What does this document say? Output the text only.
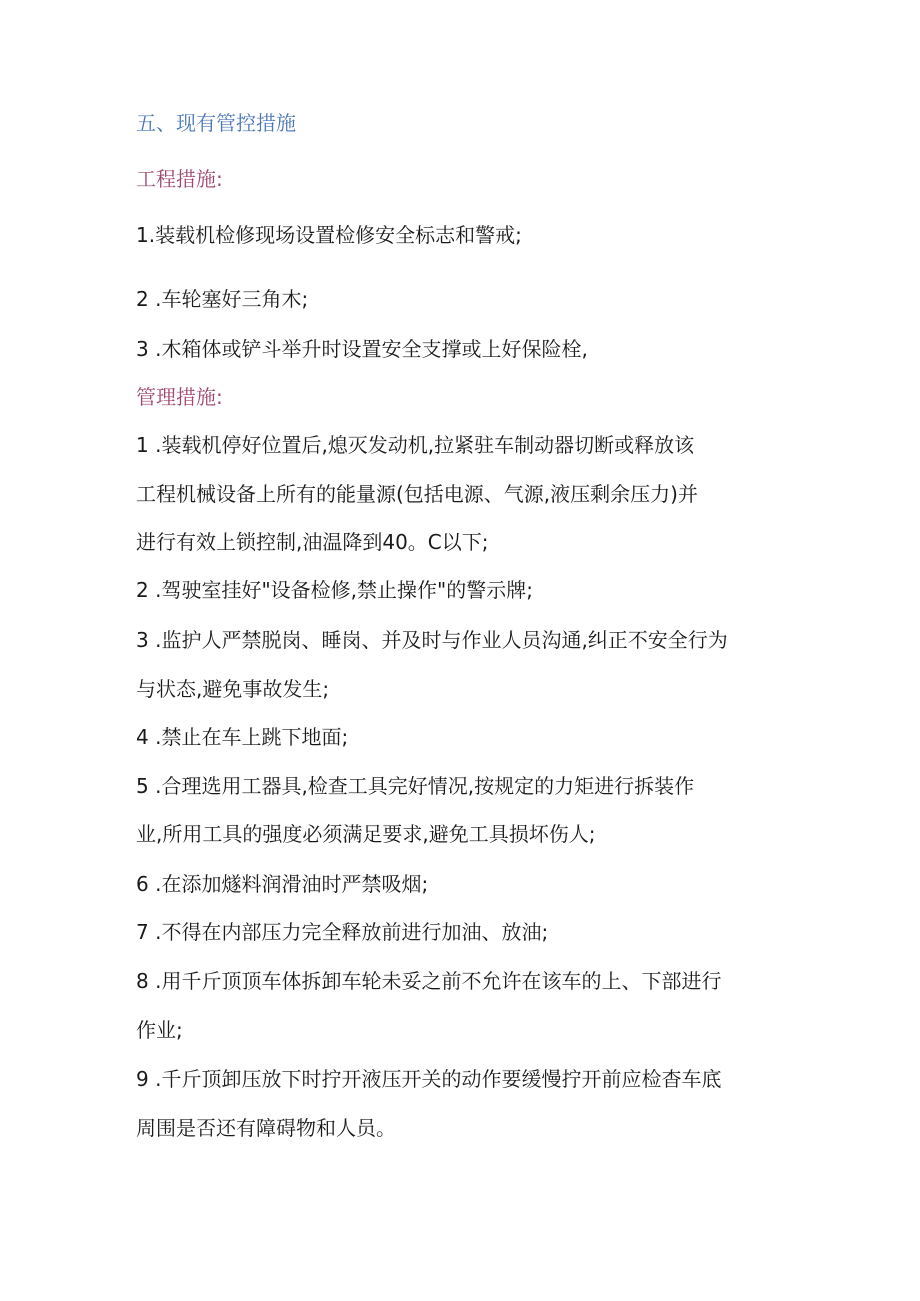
五、现有管控措施
工程措施:
1.装载机检修现场设置检修安全标志和警戒;
2 .车轮塞好三角木;
3 .木箱体或铲斗举升时设置安全支撑或上好保险栓,
管理措施:
1 .装载机停好位置后,熄灭发动机,拉紧驻车制动器切断或释放该
工程机械设备上所有的能量源(包括电源、气源,液压剩余压力)并
进行有效上锁控制,油温降到40。C以下;
2 .驾驶室挂好"设备检修,禁止操作"的警示牌;
3 .监护人严禁脱岗、睡岗、并及时与作业人员沟通,纠正不安全行为
与状态,避免事故发生;
4 .禁止在车上跳下地面;
5 .合理选用工器具,检查工具完好情况,按规定的力矩进行拆装作
业,所用工具的强度必须满足要求,避免工具损坏伤人;
6 .在添加燧料润滑油时严禁吸烟;
7 .不得在内部压力完全释放前进行加油、放油;
8 .用千斤顶顶车体拆卸车轮未妥之前不允许在该车的上、下部进行
作业;
9 .千斤顶卸压放下时拧开液压开关的动作要缓慢拧开前应检杳车底
周围是否还有障碍物和人员。
